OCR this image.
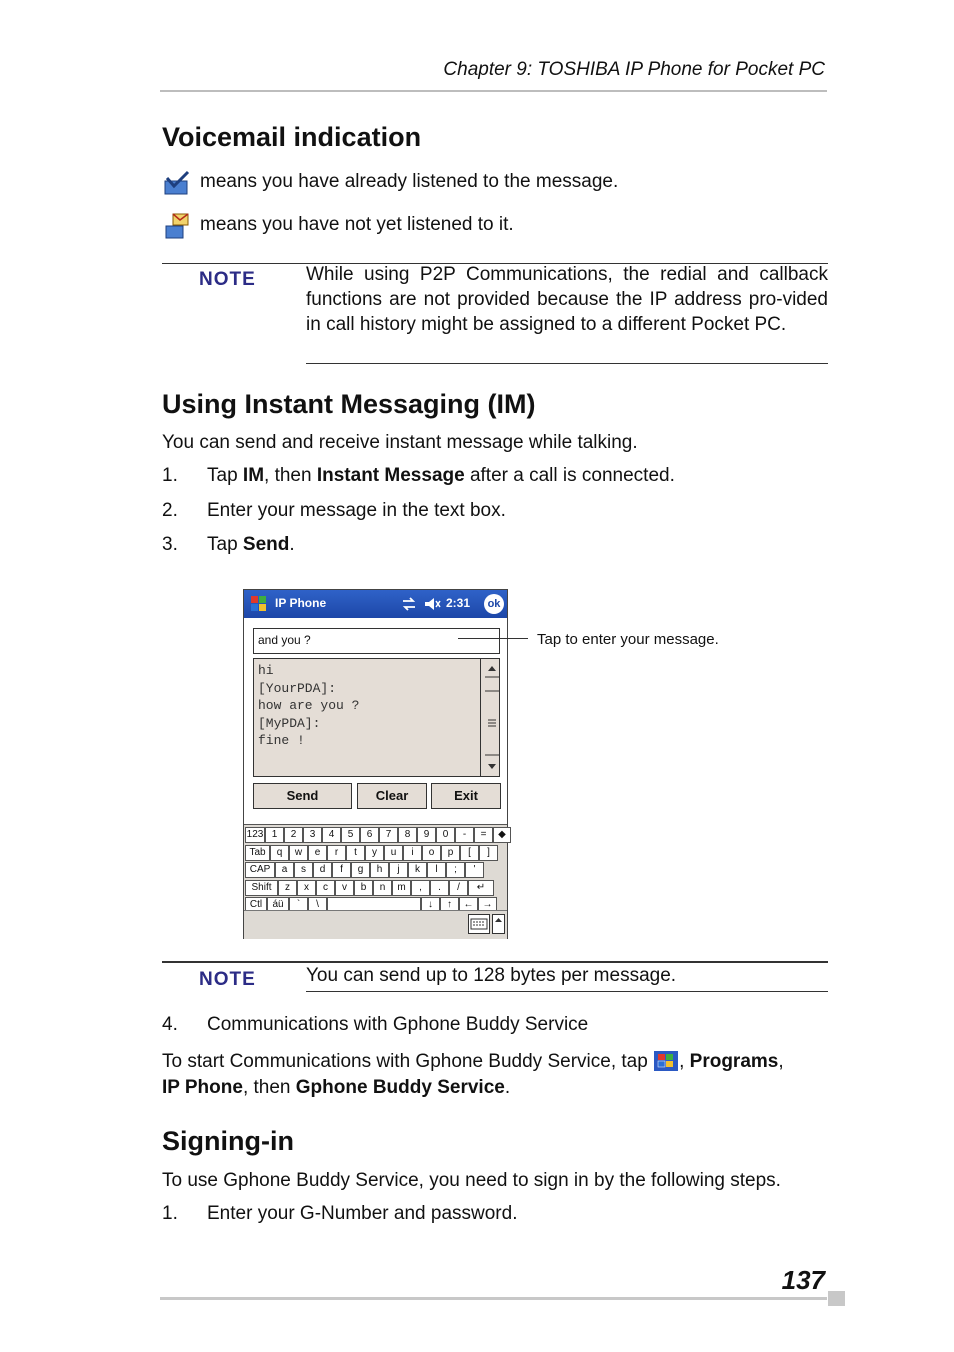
Chapter 9: TOSHIBA IP Phone for Pocket PC
Voicemail indication
means you have already listened to the message.
means you have not yet listened to it.
NOTE	While using P2P Communications, the redial and callback functions are not provided because the IP address pro-vided in call history might be assigned to a different Pocket PC.
Using Instant Messaging (IM)
You can send and receive instant message while talking.
1. Tap IM, then Instant Message after a call is connected.
2. Enter your message in the text box.
3. Tap Send.
IP Phone	2:31	ok
and you ?
hi
[YourPDA]:
how are you ?
[MyPDA]:
fine !
Send	Clear	Exit
123 1	2	3	4	5	6	7	8	9	0	-	=	◆
Tab	q	w	e	r	t	y	u	i	o	p	[	]
CAP	a	s	d	f	g	h	j	k	l	;	'
Shift	z	x	c	v	b	n	m	,	.	/	↵
Ctl	áü	`	\	↓	↑	← →
Tap to enter your message.
NOTE	You can send up to 128 bytes per message.
4. Communications with Gphone Buddy Service
To start Communications with Gphone Buddy Service, tap , Programs,
IP Phone, then Gphone Buddy Service.
Signing-in
To use Gphone Buddy Service, you need to sign in by the following steps.
1. Enter your G-Number and password.
137
